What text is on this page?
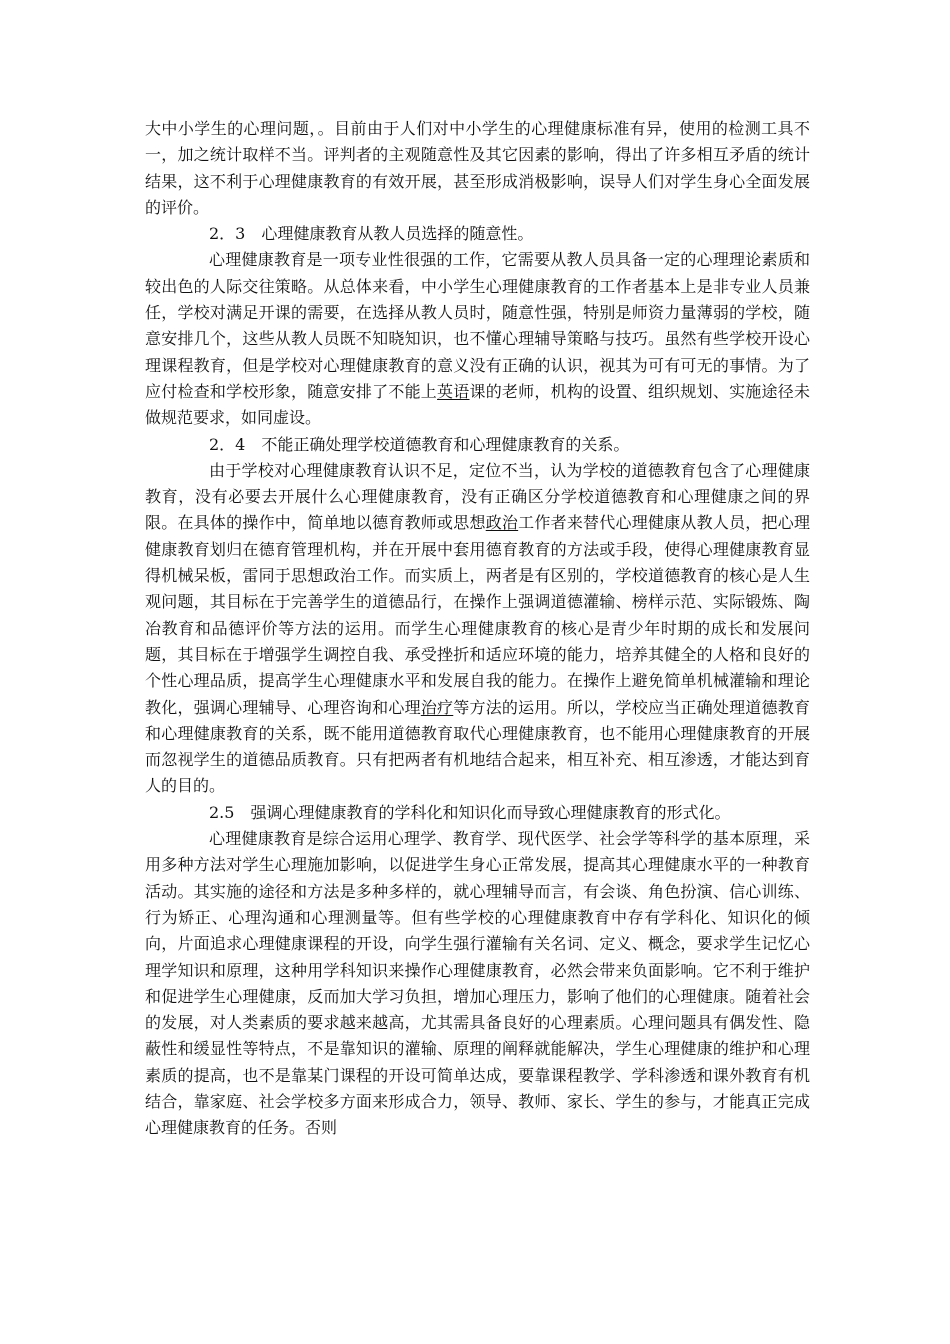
大中小学生的心理问题，。目前由于人们对中小学生的心理健康标准有异，使用的检测工具不一，加之统计取样不当。评判者的主观随意性及其它因素的影响，得出了许多相互矛盾的统计结果，这不利于心理健康教育的有效开展，甚至形成消极影响，误导人们对学生身心全面发展的评价。

2．3　心理健康教育从教人员选择的随意性。

心理健康教育是一项专业性很强的工作，它需要从教人员具备一定的心理理论素质和较出色的人际交往策略。从总体来看，中小学生心理健康教育的工作者基本上是非专业人员兼任，学校对满足开课的需要，在选择从教人员时，随意性强，特别是师资力量薄弱的学校，随意安排几个，这些从教人员既不知晓知识，也不懂心理辅导策略与技巧。虽然有些学校开设心理课程教育，但是学校对心理健康教育的意义没有正确的认识，视其为可有可无的事情。为了应付检查和学校形象，随意安排了不能上英语课的老师，机构的设置、组织规划、实施途径未做规范要求，如同虚设。

2．4　不能正确处理学校道德教育和心理健康教育的关系。

由于学校对心理健康教育认识不足，定位不当，认为学校的道德教育包含了心理健康教育，没有必要去开展什么心理健康教育，没有正确区分学校道德教育和心理健康之间的界限。在具体的操作中，简单地以德育教师或思想政治工作者来替代心理健康从教人员，把心理健康教育划归在德育管理机构，并在开展中套用德育教育的方法或手段，使得心理健康教育显得机械呆板，雷同于思想政治工作。而实质上，两者是有区别的，学校道德教育的核心是人生观问题，其目标在于完善学生的道德品行，在操作上强调道德灌输、榜样示范、实际锻炼、陶冶教育和品德评价等方法的运用。而学生心理健康教育的核心是青少年时期的成长和发展问题，其目标在于增强学生调控自我、承受挫折和适应环境的能力，培养其健全的人格和良好的个性心理品质，提高学生心理健康水平和发展自我的能力。在操作上避免简单机械灌输和理论教化，强调心理辅导、心理咨询和心理治疗等方法的运用。所以，学校应当正确处理道德教育和心理健康教育的关系，既不能用道德教育取代心理健康教育，也不能用心理健康教育的开展而忽视学生的道德品质教育。只有把两者有机地结合起来，相互补充、相互渗透，才能达到育人的目的。

2.5　强调心理健康教育的学科化和知识化而导致心理健康教育的形式化。

心理健康教育是综合运用心理学、教育学、现代医学、社会学等科学的基本原理，采用多种方法对学生心理施加影响，以促进学生身心正常发展，提高其心理健康水平的一种教育活动。其实施的途径和方法是多种多样的，就心理辅导而言，有会谈、角色扮演、信心训练、行为矫正、心理沟通和心理测量等。但有些学校的心理健康教育中存有学科化、知识化的倾向，片面追求心理健康课程的开设，向学生强行灌输有关名词、定义、概念，要求学生记忆心理学知识和原理，这种用学科知识来操作心理健康教育，必然会带来负面影响。它不利于维护和促进学生心理健康，反而加大学习负担，增加心理压力，影响了他们的心理健康。随着社会的发展，对人类素质的要求越来越高，尤其需具备良好的心理素质。心理问题具有偶发性、隐蔽性和缓显性等特点，不是靠知识的灌输、原理的阐释就能解决，学生心理健康的维护和心理素质的提高，也不是靠某门课程的开设可简单达成，要靠课程教学、学科渗透和课外教育有机结合，靠家庭、社会学校多方面来形成合力，领导、教师、家长、学生的参与，才能真正完成心理健康教育的任务。否则
